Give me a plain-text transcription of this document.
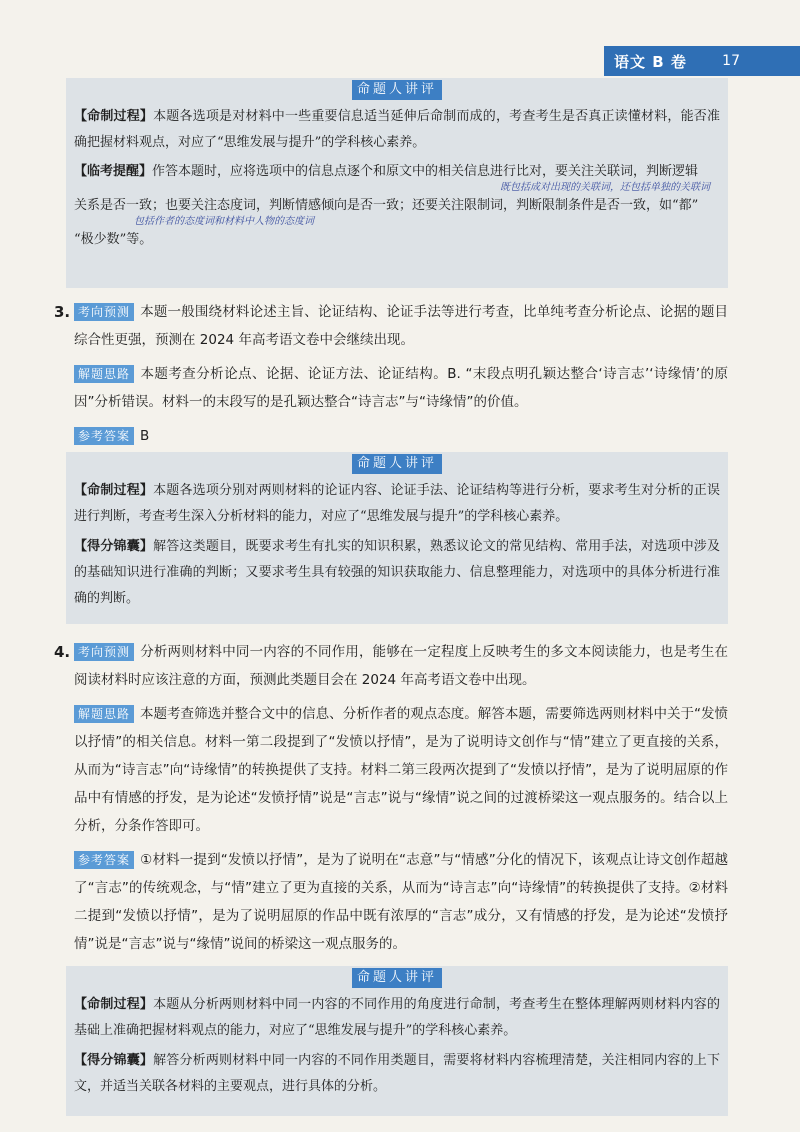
语文 B 卷	17
命题人讲评
【命制过程】本题各选项是对材料中一些重要信息适当延伸后命制而成的，考查考生是否真正读懂材料，能否准确把握材料观点，对应了“思维发展与提升”的学科核心素养。
【临考提醒】作答本题时，应将选项中的信息点逐个和原文中的相关信息进行比对，要关注关联词，判断逻辑
既包括成对出现的关联词，还包括单独的关联词
关系是否一致；也要关注态度词，判断情感倾向是否一致；还要关注限制词，判断限制条件是否一致，如“都”
包括作者的态度词和材料中人物的态度词
“极少数”等。
3. 考向预测 本题一般围绕材料论述主旨、论证结构、论证手法等进行考查，比单纯考查分析论点、论据的题目综合性更强，预测在 2024 年高考语文卷中会继续出现。
解题思路 本题考查分析论点、论据、论证方法、论证结构。B. “末段点明孔颖达整合‘诗言志’‘诗缘情’的原因”分析错误。材料一的末段写的是孔颖达整合“诗言志”与“诗缘情”的价值。
参考答案 B
命题人讲评
【命制过程】本题各选项分别对两则材料的论证内容、论证手法、论证结构等进行分析，要求考生对分析的正误进行判断，考查考生深入分析材料的能力，对应了“思维发展与提升”的学科核心素养。
【得分锦囊】解答这类题目，既要求考生有扎实的知识积累，熟悉议论文的常见结构、常用手法，对选项中涉及的基础知识进行准确的判断；又要求考生具有较强的知识获取能力、信息整理能力，对选项中的具体分析进行准确的判断。
4. 考向预测 分析两则材料中同一内容的不同作用，能够在一定程度上反映考生的多文本阅读能力，也是考生在阅读材料时应该注意的方面，预测此类题目会在 2024 年高考语文卷中出现。
解题思路 本题考查筛选并整合文中的信息、分析作者的观点态度。解答本题，需要筛选两则材料中关于“发愤以抒情”的相关信息。材料一第二段提到了“发愤以抒情”，是为了说明诗文创作与“情”建立了更直接的关系，从而为“诗言志”向“诗缘情”的转换提供了支持。材料二第三段两次提到了“发愤以抒情”，是为了说明屈原的作品中有情感的抒发，是为论述“发愤抒情”说是“言志”说与“缘情”说之间的过渡桥梁这一观点服务的。结合以上分析，分条作答即可。
参考答案 ①材料一提到“发愤以抒情”，是为了说明在“志意”与“情感”分化的情况下，该观点让诗文创作超越了“言志”的传统观念，与“情”建立了更为直接的关系，从而为“诗言志”向“诗缘情”的转换提供了支持。②材料二提到“发愤以抒情”，是为了说明屈原的作品中既有浓厚的“言志”成分，又有情感的抒发，是为论述“发愤抒情”说是“言志”说与“缘情”说间的桥梁这一观点服务的。
命题人讲评
【命制过程】本题从分析两则材料中同一内容的不同作用的角度进行命制，考查考生在整体理解两则材料内容的基础上准确把握材料观点的能力，对应了“思维发展与提升”的学科核心素养。
【得分锦囊】解答分析两则材料中同一内容的不同作用类题目，需要将材料内容梳理清楚，关注相同内容的上下文，并适当关联各材料的主要观点，进行具体的分析。
